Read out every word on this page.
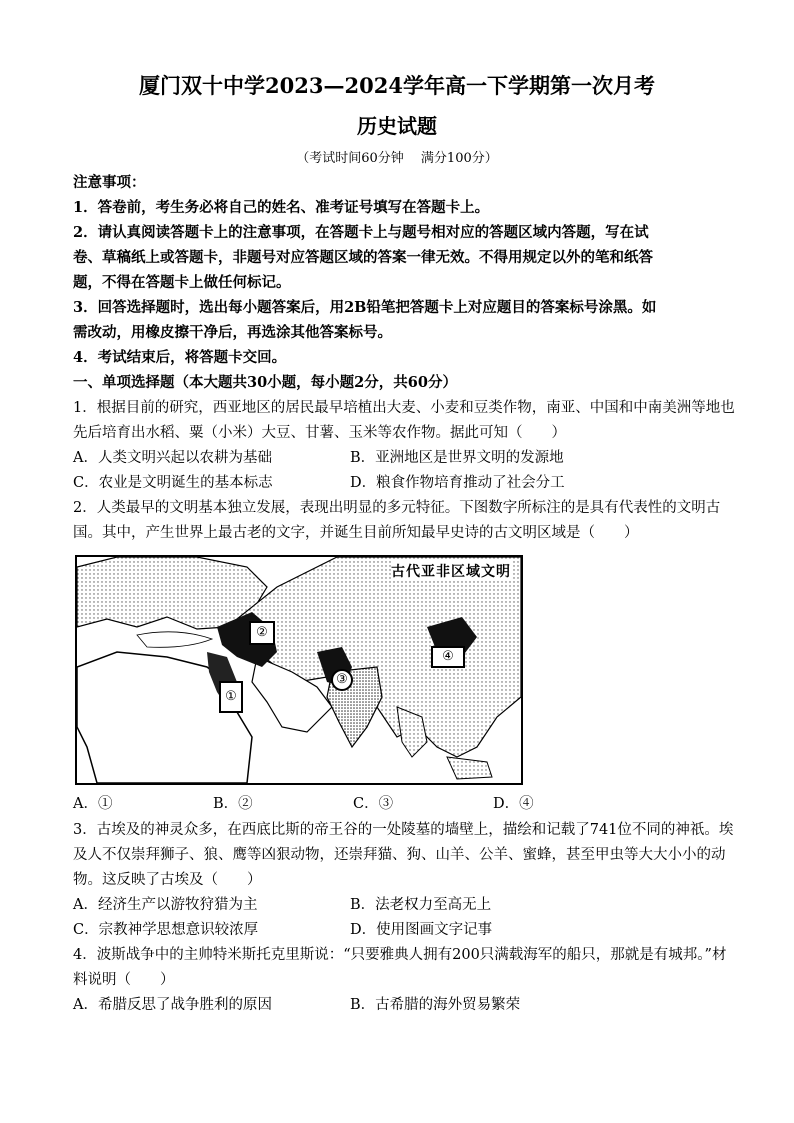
厦门双十中学2023—2024学年高一下学期第一次月考
历史试题
（考试时间60分钟　 满分100分）
注意事项：
1．答卷前，考生务必将自己的姓名、准考证号填写在答题卡上。
2．请认真阅读答题卡上的注意事项，在答题卡上与题号相对应的答题区域内答题，写在试
卷、草稿纸上或答题卡，非题号对应答题区域的答案一律无效。不得用规定以外的笔和纸答
题，不得在答题卡上做任何标记。
3．回答选择题时，选出每小题答案后，用2B铅笔把答题卡上对应题目的答案标号涂黑。如
需改动，用橡皮擦干净后，再选涂其他答案标号。
4．考试结束后，将答题卡交回。
一、单项选择题（本大题共30小题，每小题2分，共60分）
1．根据目前的研究，西亚地区的居民最早培植出大麦、小麦和豆类作物，南亚、中国和中南美洲等地也
先后培育出水稻、粟（小米）大豆、甘薯、玉米等农作物。据此可知（　　）
A．人类文明兴起以农耕为基础	B．亚洲地区是世界文明的发源地
C．农业是文明诞生的基本标志	D．粮食作物培育推动了社会分工
2．人类最早的文明基本独立发展，表现出明显的多元特征。下图数字所标注的是具有代表性的文明古
国。其中，产生世界上最古老的文字，并诞生目前所知最早史诗的古文明区域是（　　）
古代亚非区域文明
①
②
③
④
A．①	B．②	C．③	D．④
3．古埃及的神灵众多，在西底比斯的帝王谷的一处陵墓的墙壁上，描绘和记载了741位不同的神祇。埃
及人不仅崇拜狮子、狼、鹰等凶狠动物，还崇拜猫、狗、山羊、公羊、蜜蜂，甚至甲虫等大大小小的动
物。这反映了古埃及（　　）
A．经济生产以游牧狩猎为主	B．法老权力至高无上
C．宗教神学思想意识较浓厚	D．使用图画文字记事
4．波斯战争中的主帅特米斯托克里斯说：“只要雅典人拥有200只满载海军的船只，那就是有城邦。”材
料说明（　　）
A．希腊反思了战争胜利的原因	B．古希腊的海外贸易繁荣
